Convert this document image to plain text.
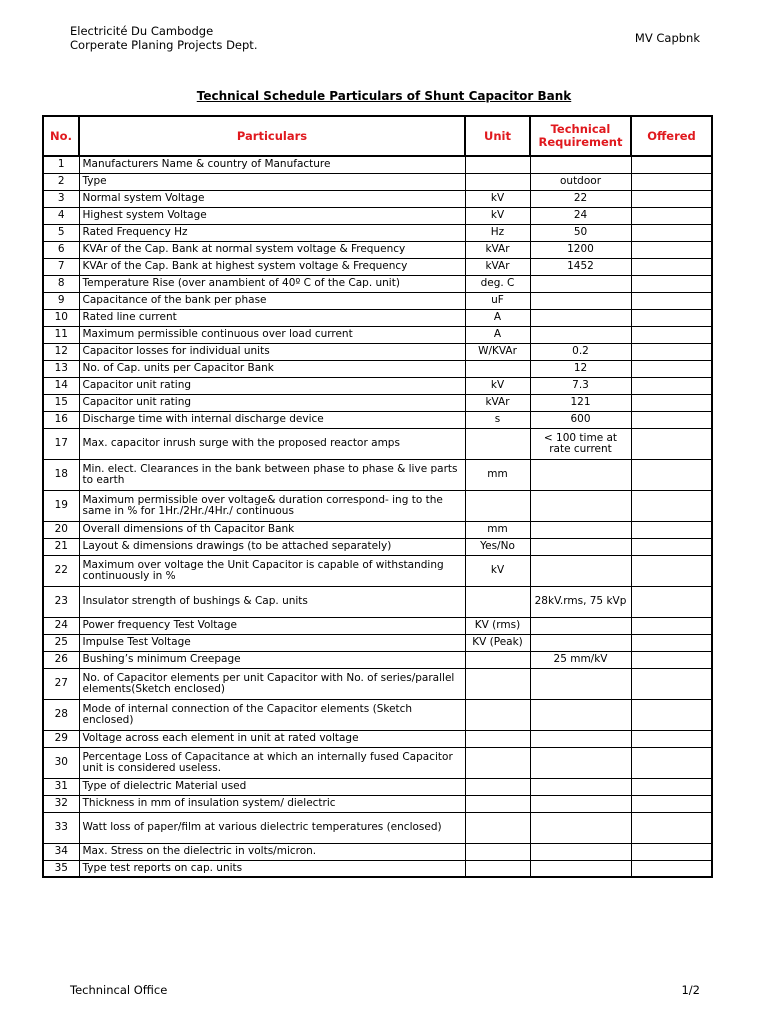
Electricité Du Cambodge
Corperate Planing Projects Dept.	MV Capbnk
Technical Schedule Particulars of Shunt Capacitor Bank
No.	Particulars	Unit	Technical Requirement	Offered
1	Manufacturers Name & country of Manufacture			
2	Type		outdoor	
3	Normal system Voltage	kV	22	
4	Highest system Voltage	kV	24	
5	Rated Frequency Hz	Hz	50	
6	KVAr of the Cap. Bank at normal system voltage & Frequency	kVAr	1200	
7	KVAr of the Cap. Bank at highest system voltage & Frequency	kVAr	1452	
8	Temperature Rise (over anambient of 40º C of the Cap. unit)	deg. C		
9	Capacitance of the bank per phase	uF		
10	Rated line current	A		
11	Maximum permissible continuous over load current	A		
12	Capacitor losses for individual units	W/KVAr	0.2	
13	No. of Cap. units per Capacitor Bank		12	
14	Capacitor unit rating	kV	7.3	
15	Capacitor unit rating	kVAr	121	
16	Discharge time with internal discharge device	s	600	
17	Max. capacitor inrush surge with the proposed reactor amps		< 100 time at rate current	
18	Min. elect. Clearances in the bank between phase to phase & live parts to earth	mm		
19	Maximum permissible over voltage& duration correspond- ing to the same in % for 1Hr./2Hr./4Hr./ continuous			
20	Overall dimensions of th Capacitor Bank	mm		
21	Layout & dimensions drawings (to be attached separately)	Yes/No		
22	Maximum over voltage the Unit Capacitor is capable of withstanding continuously in %	kV		
23	Insulator strength of bushings & Cap. units		28kV.rms, 75 kVp	
24	Power frequency Test Voltage	KV (rms)		
25	Impulse Test Voltage	KV (Peak)		
26	Bushing’s minimum Creepage		25 mm/kV	
27	No. of Capacitor elements per unit Capacitor with No. of series/parallel elements(Sketch enclosed)			
28	Mode of internal connection of the Capacitor elements (Sketch enclosed)			
29	Voltage across each element in unit at rated voltage			
30	Percentage Loss of Capacitance at which an internally fused Capacitor unit is considered useless.			
31	Type of dielectric Material used			
32	Thickness in mm of insulation system/ dielectric			
33	Watt loss of paper/film at various dielectric temperatures (enclosed)			
34	Max. Stress on the dielectric in volts/micron.			
35	Type test reports on cap. units			
Technincal Office	1/2
